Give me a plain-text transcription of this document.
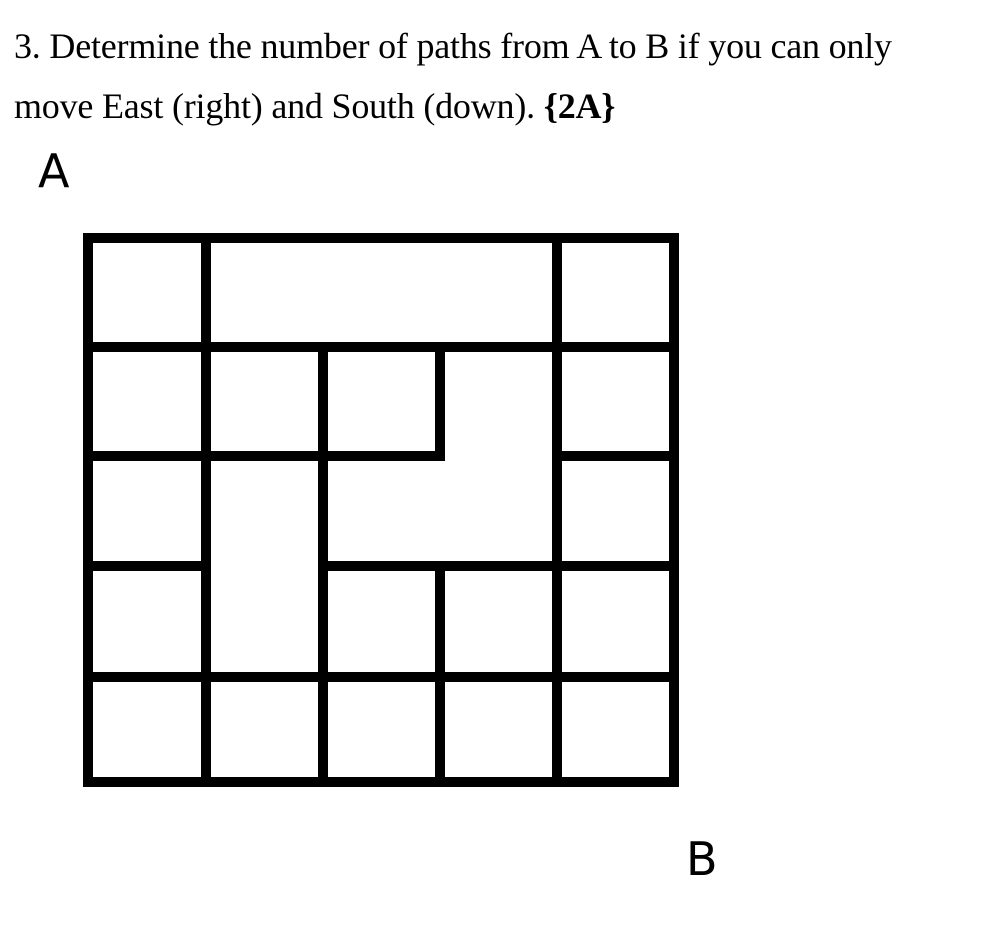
3. Determine the number of paths from A to B if you can only move East (right) and South (down). {2A}

A
B
